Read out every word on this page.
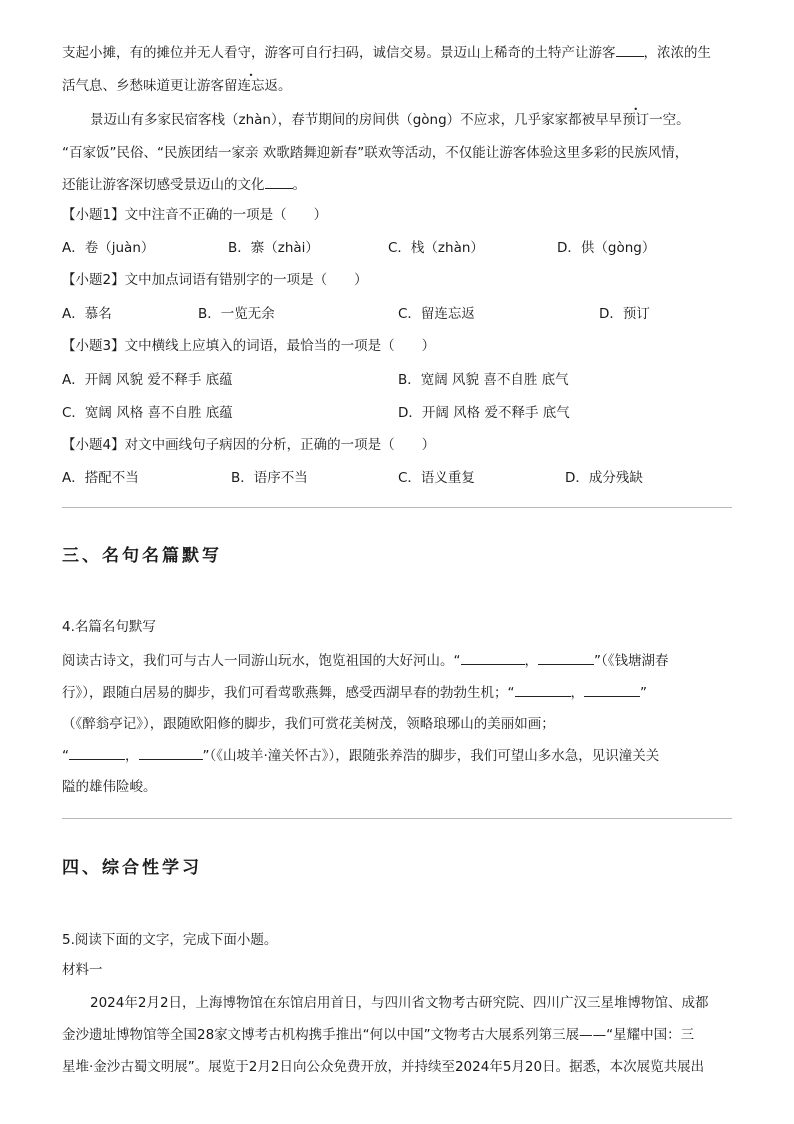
支起小摊，有的摊位并无人看守，游客可自行扫码，诚信交易。景迈山上稀奇的土特产让游客 ，浓浓的生
活气息、乡愁味道更让游客留连忘返。
景迈山有多家民宿客栈（zhàn），春节期间的房间供（gòng）不应求，几乎家家都被早早预订一空。
“百家饭”民俗、“民族团结一家亲 欢歌踏舞迎新春”联欢等活动，不仅能让游客体验这里多彩的民族风情，
还能让游客深切感受景迈山的文化 。
【小题1】文中注音不正确的一项是（　　）
A．卷（juàn）	B．寨（zhài）	C．栈（zhàn）	D．供（gòng）
【小题2】文中加点词语有错别字的一项是（　　）
A．慕名	B．一览无余	C．留连忘返	D．预订
【小题3】文中横线上应填入的词语，最恰当的一项是（　　）
A．开阔 风貌 爱不释手 底蕴	B．宽阔 风貌 喜不自胜 底气
C．宽阔 风格 喜不自胜 底蕴	D．开阔 风格 爱不释手 底气
【小题4】对文中画线句子病因的分析，正确的一项是（　　）
A．搭配不当	B．语序不当	C．语义重复	D．成分残缺
三、名句名篇默写
4.名篇名句默写
阅读古诗文，我们可与古人一同游山玩水，饱览祖国的大好河山。“	，	”（《钱塘湖春
行》），跟随白居易的脚步，我们可看莺歌燕舞，感受西湖早春的勃勃生机；“	，	”
（《醉翁亭记》），跟随欧阳修的脚步，我们可赏花美树茂，领略琅琊山的美丽如画；
“	，	”（《山坡羊·潼关怀古》），跟随张养浩的脚步，我们可望山多水急，见识潼关关
隘的雄伟险峻。
四、综合性学习
5.阅读下面的文字，完成下面小题。
材料一
2024年2月2日，上海博物馆在东馆启用首日，与四川省文物考古研究院、四川广汉三星堆博物馆、成都
金沙遗址博物馆等全国28家文博考古机构携手推出“何以中国”文物考古大展系列第三展——“星耀中国：三
星堆·金沙古蜀文明展”。展览于2月2日向公众免费开放，并持续至2024年5月20日。据悉，本次展览共展出
